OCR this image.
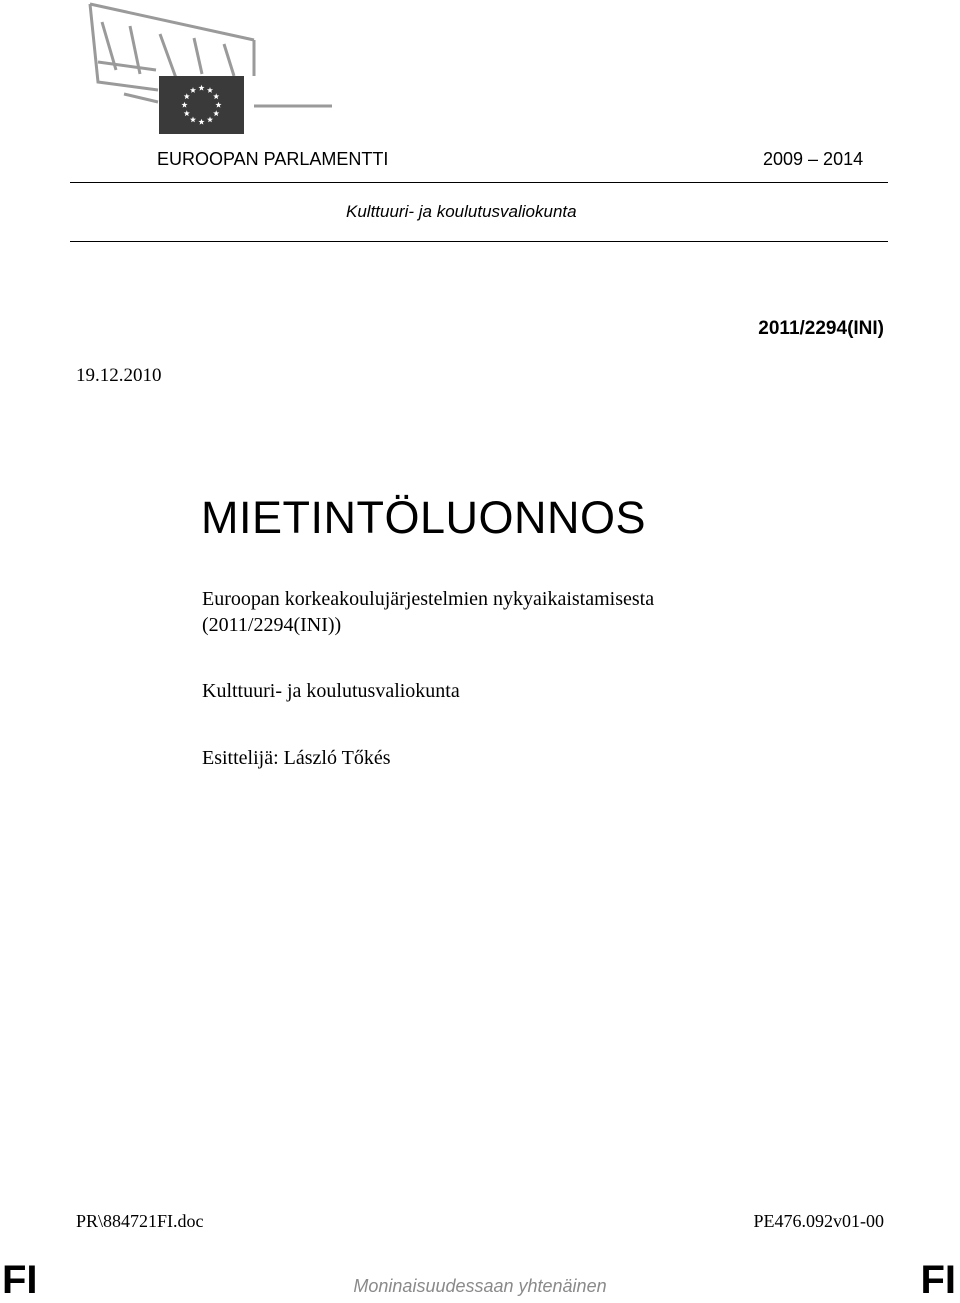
EUROOPAN PARLAMENTTI	2009 – 2014
Kulttuuri- ja koulutusvaliokunta
2011/2294(INI)
19.12.2010
MIETINTÖLUONNOS
Euroopan korkeakoulujärjestelmien nykyaikaistamisesta
(2011/2294(INI))
Kulttuuri- ja koulutusvaliokunta
Esittelijä: László Tőkés
PR\884721FI.doc	PE476.092v01-00
FI	Moninaisuudessaan yhtenäinen	FI
